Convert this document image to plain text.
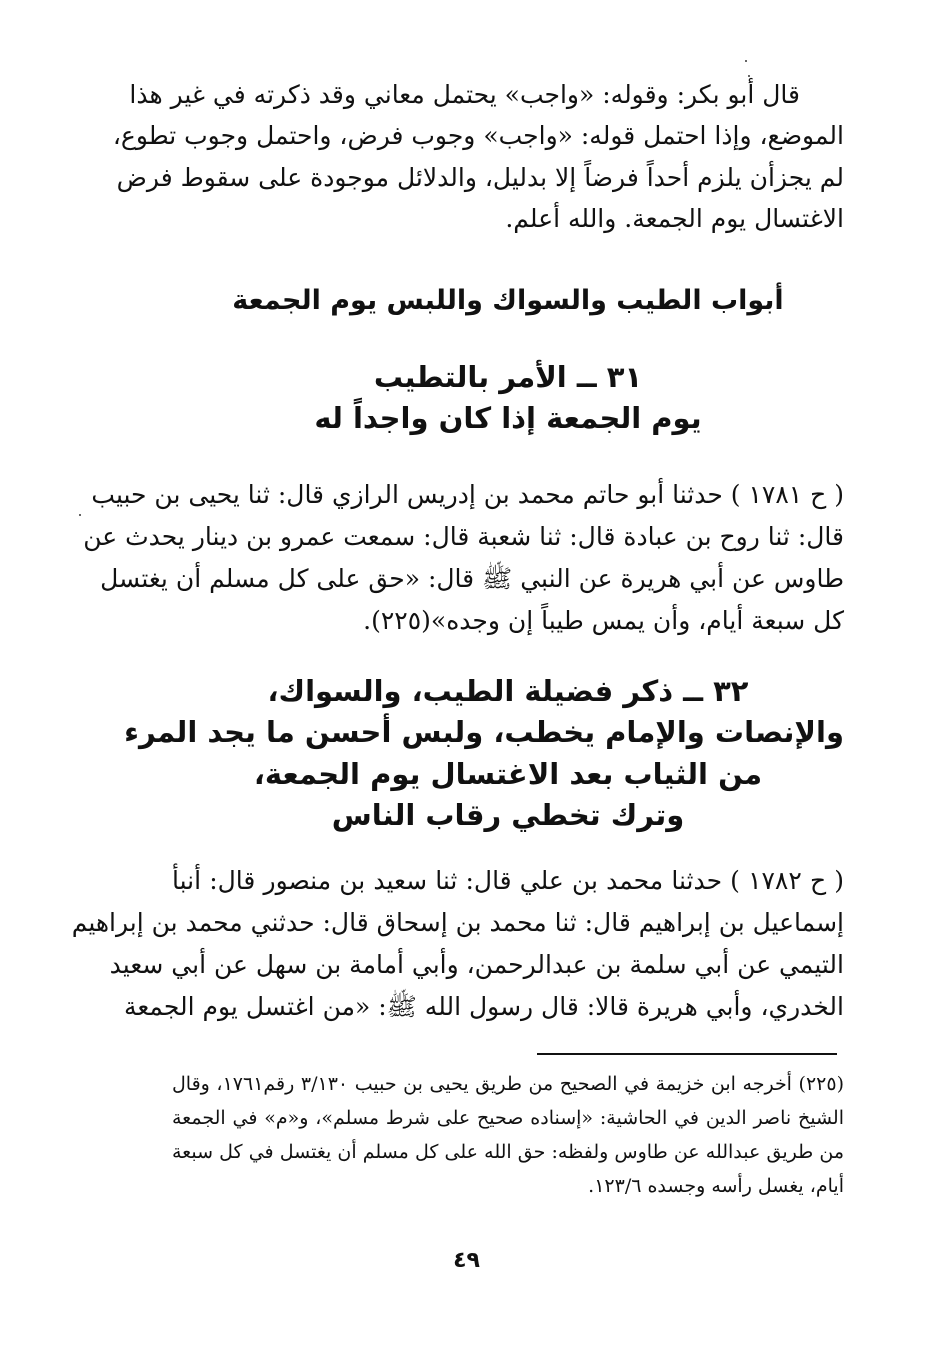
قال أبو بكر: وقوله: «واجب» يحتمل معاني وقد ذكرته في غير هذا
الموضع، وإذا احتمل قوله: «واجب» وجوب فرض، واحتمل وجوب تطوع،
لم يجزأن يلزم أحداً فرضاً إلا بدليل، والدلائل موجودة على سقوط فرض
الاغتسال يوم الجمعة. والله أعلم.
أبواب الطيب والسواك واللبس يوم الجمعة
٣١ ــ الأمر بالتطيب
يوم الجمعة إذا كان واجداً له
( ح ١٧٨١ ) حدثنا أبو حاتم محمد بن إدريس الرازي قال: ثنا يحيى بن حبيب
قال: ثنا روح بن عبادة قال: ثنا شعبة قال: سمعت عمرو بن دينار يحدث عن
طاوس عن أبي هريرة عن النبي ﷺ قال: «حق على كل مسلم أن يغتسل
كل سبعة أيام، وأن يمس طيباً إن وجده»(٢٢٥).
٣٢ ــ ذكر فضيلة الطيب، والسواك،
والإنصات والإمام يخطب، ولبس أحسن ما يجد المرء
من الثياب بعد الاغتسال يوم الجمعة،
وترك تخطي رقاب الناس
( ح ١٧٨٢ ) حدثنا محمد بن علي قال: ثنا سعيد بن منصور قال: أنبأ
إسماعيل بن إبراهيم قال: ثنا محمد بن إسحاق قال: حدثني محمد بن إبراهيم
التيمي عن أبي سلمة بن عبدالرحمن، وأبي أمامة بن سهل عن أبي سعيد
الخدري، وأبي هريرة قالا: قال رسول الله ﷺ: «من اغتسل يوم الجمعة
(٢٢٥) أخرجه ابن خزيمة في الصحيح من طريق يحيى بن حبيب ٣/١٣٠ رقم١٧٦١، وقال
الشيخ ناصر الدين في الحاشية: «إسناده صحيح على شرط مسلم»، و«م» في الجمعة
من طريق عبدالله عن طاوس ولفظه: حق الله على كل مسلم أن يغتسل في كل سبعة
أيام، يغسل رأسه وجسده ١٢٣/٦.
٤٩
